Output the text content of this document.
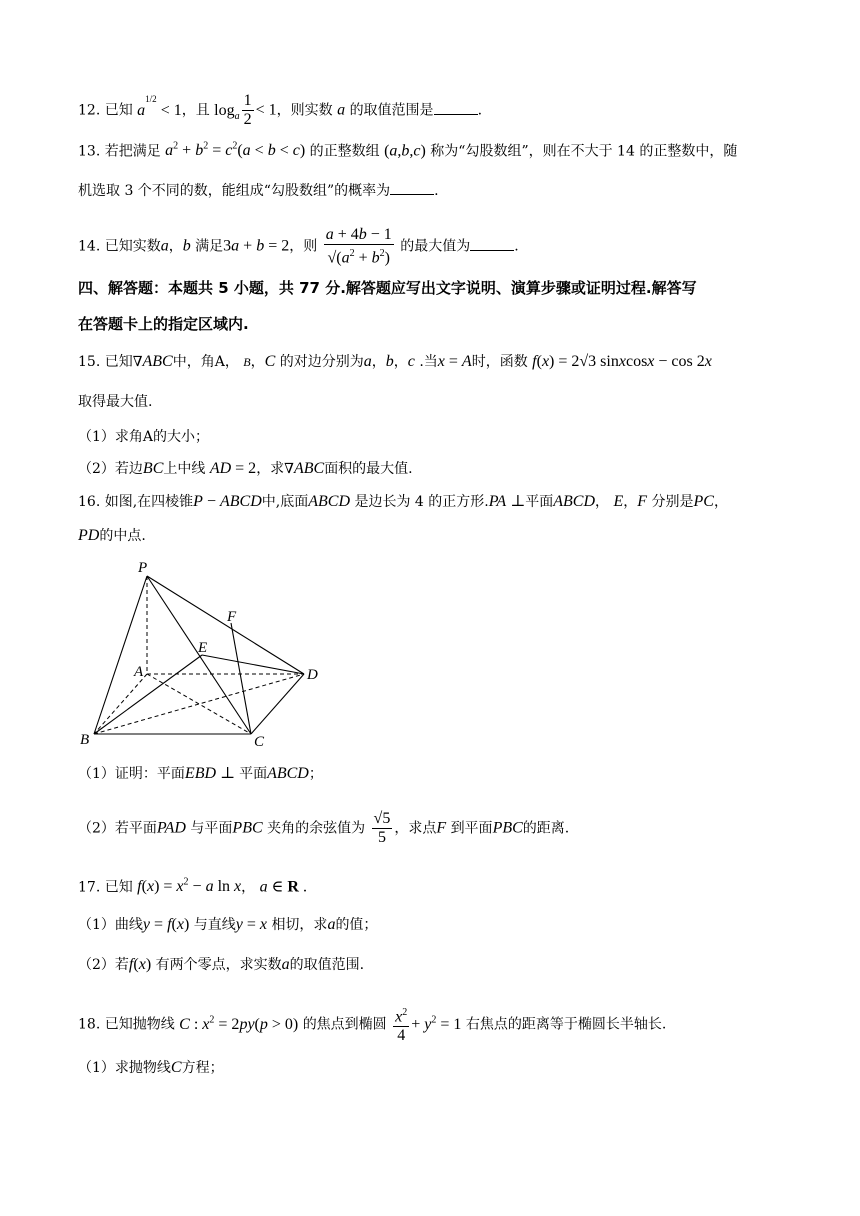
12. 已知 $a^{1/2} < 1$，且 $\log_a \frac{1}{2} < 1$，则实数 a 的取值范围是	.
13. 若把满足 $a^2 + b^2 = c^2(a < b < c)$ 的正整数组 (a,b,c) 称为“勾股数组”，则在不大于 14 的正整数中，随
机选取 3 个不同的数，能组成“勾股数组”的概率为	.
14. 已知实数a，b 满足3a + b = 2，则 $\frac{a + 4b - 1}{√(a^2 + b^2)}$ 的最大值为	.
四、解答题：本题共 5 小题，共 77 分.解答题应写出文字说明、演算步骤或证明过程.解答写
在答题卡上的指定区域内.
15. 已知∇ABC中，角A， B，C 的对边分别为a，b，c .当x = A时，函数 f(x) = 2√3 sinxcosx − cos 2x
取得最大值.
（1）求角A的大小；
（2）若边BC上中线 AD = 2，求∇ABC面积的最大值.
16. 如图,在四棱锥P − ABCD中,底面ABCD 是边长为 4 的正方形.PA ⊥平面ABCD， E，F 分别是PC，
PD的中点.
P
A
B	C
D
E
F
（1）证明：平面EBD ⊥ 平面ABCD；
（2）若平面PAD 与平面PBC 夹角的余弦值为 $\frac{√5}{5}$ ，求点F 到平面PBC的距离.
17. 已知 $f(x) = x^2 - a$ ln x， a ∈ R .
（1）曲线y = f(x) 与直线y = x 相切，求a的值；
（2）若f(x) 有两个零点，求实数a的取值范围.
18. 已知抛物线 C : $x^2 = 2py(p > 0)$ 的焦点到椭圆 $\frac{x^2}{4} + y^2 = 1$ 右焦点的距离等于椭圆长半轴长.
（1）求抛物线C方程；
